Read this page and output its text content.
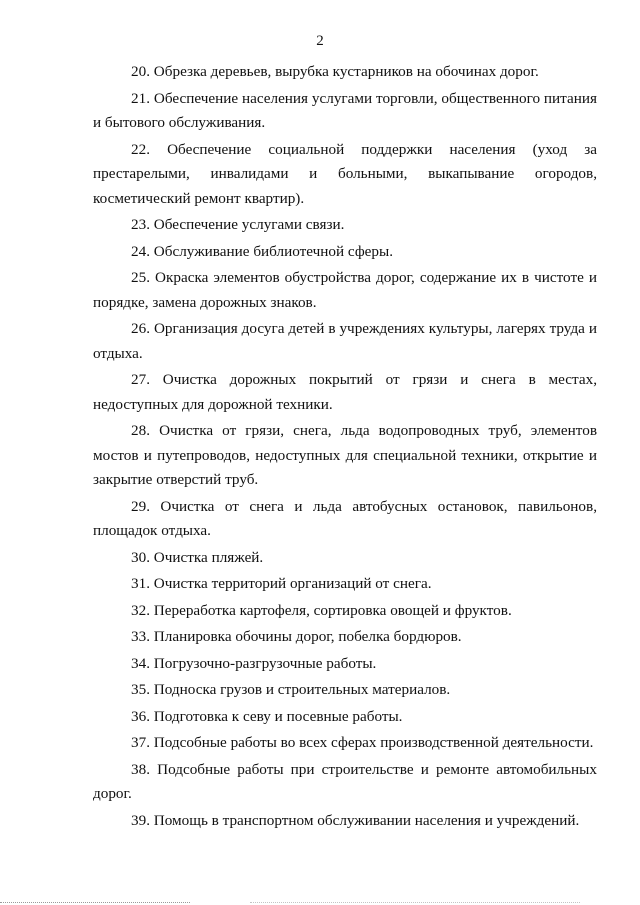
2

20. Обрезка деревьев, вырубка кустарников на обочинах дорог.

21. Обеспечение населения услугами торговли, общественного питания и бытового обслуживания.

22. Обеспечение социальной поддержки населения (уход за престарелыми, инвалидами и больными, выкапывание огородов, косметический ремонт квартир).

23. Обеспечение услугами связи.

24. Обслуживание библиотечной сферы.

25. Окраска элементов обустройства дорог, содержание их в чистоте и порядке, замена дорожных знаков.

26. Организация досуга детей в учреждениях культуры, лагерях труда и отдыха.

27. Очистка дорожных покрытий от грязи и снега в местах, недоступных для дорожной техники.

28. Очистка от грязи, снега, льда водопроводных труб, элементов мостов и путепроводов, недоступных для специальной техники, открытие и закрытие отверстий труб.

29. Очистка от снега и льда автобусных остановок, павильонов, площадок отдыха.

30. Очистка пляжей.

31. Очистка территорий организаций от снега.

32. Переработка картофеля, сортировка овощей и фруктов.

33. Планировка обочины дорог, побелка бордюров.

34. Погрузочно-разгрузочные работы.

35. Подноска грузов и строительных материалов.

36. Подготовка к севу и посевные работы.

37. Подсобные работы во всех сферах производственной деятельности.

38. Подсобные работы при строительстве и ремонте автомобильных дорог.

39. Помощь в транспортном обслуживании населения и учреждений.
